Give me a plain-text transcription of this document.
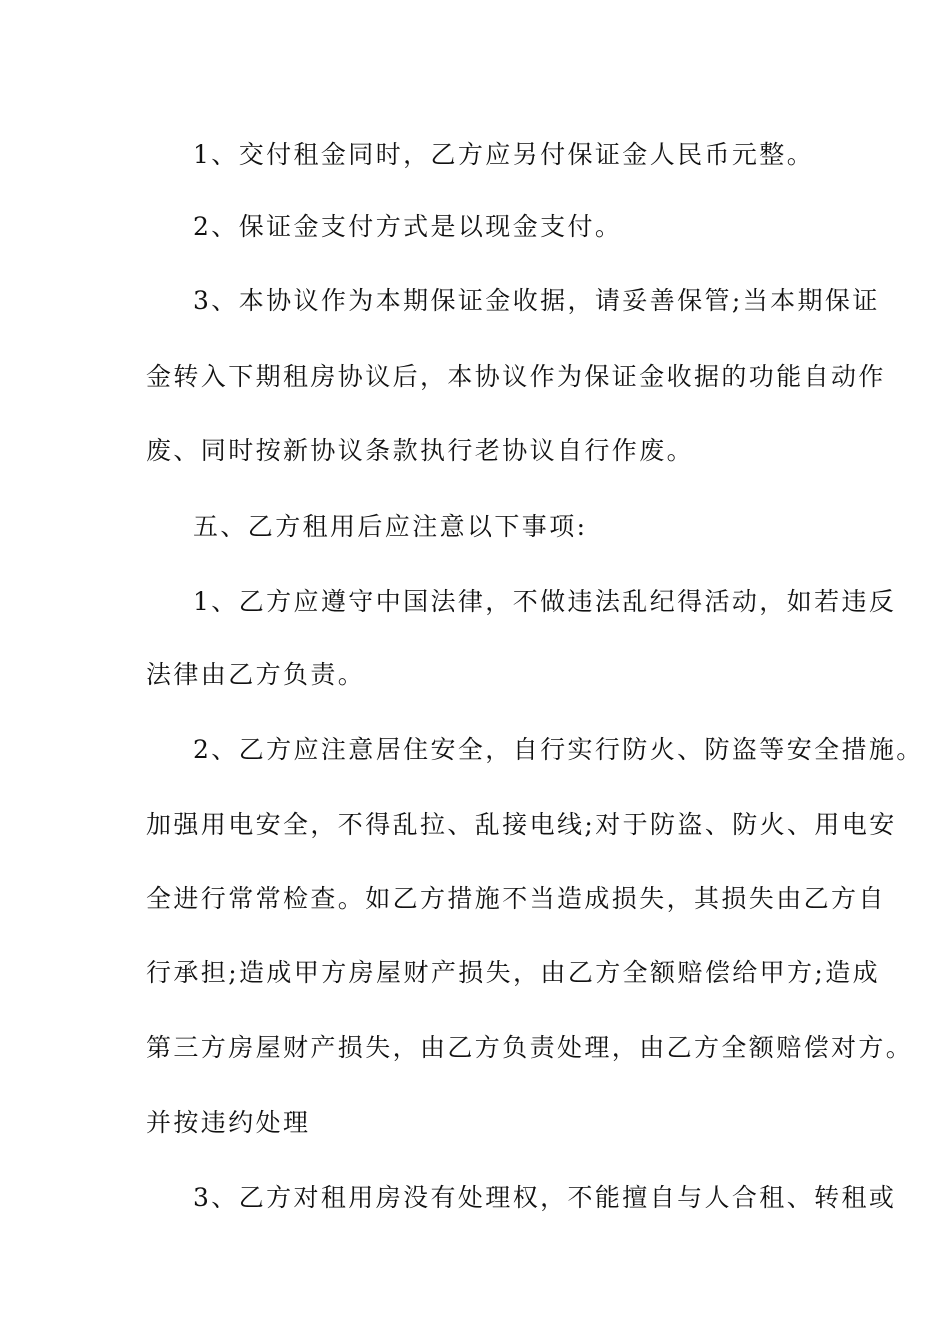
1、交付租金同时，乙方应另付保证金人民币元整。
2、保证金支付方式是以现金支付。
3、本协议作为本期保证金收据，请妥善保管;当本期保证
金转入下期租房协议后，本协议作为保证金收据的功能自动作
废、同时按新协议条款执行老协议自行作废。
五、乙方租用后应注意以下事项:
1、乙方应遵守中国法律，不做违法乱纪得活动，如若违反
法律由乙方负责。
2、乙方应注意居住安全，自行实行防火、防盗等安全措施。
加强用电安全，不得乱拉、乱接电线;对于防盗、防火、用电安
全进行常常检查。如乙方措施不当造成损失，其损失由乙方自
行承担;造成甲方房屋财产损失，由乙方全额赔偿给甲方;造成
第三方房屋财产损失，由乙方负责处理，由乙方全额赔偿对方。
并按违约处理
3、乙方对租用房没有处理权，不能擅自与人合租、转租或
